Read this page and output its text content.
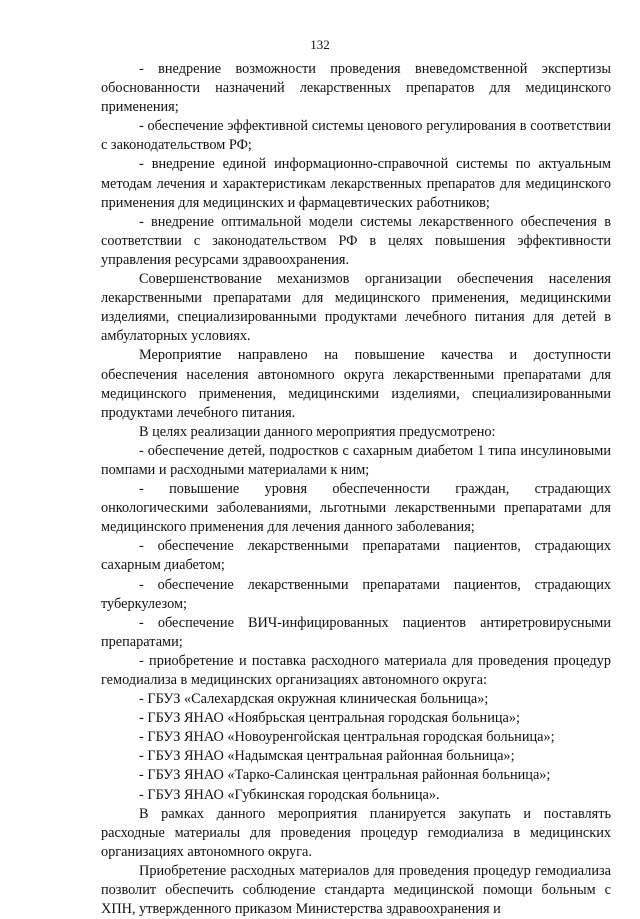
132

- внедрение возможности проведения вневедомственной экспертизы обоснованности назначений лекарственных препаратов для медицинского применения;

- обеспечение эффективной системы ценового регулирования в соответствии с законодательством РФ;

- внедрение единой информационно-справочной системы по актуальным методам лечения и характеристикам лекарственных препаратов для медицинского применения для медицинских и фармацевтических работников;

- внедрение оптимальной модели системы лекарственного обеспечения в соответствии с законодательством РФ в целях повышения эффективности управления ресурсами здравоохранения.

Совершенствование механизмов организации обеспечения населения лекарственными препаратами для медицинского применения, медицинскими изделиями, специализированными продуктами лечебного питания для детей в амбулаторных условиях.

Мероприятие направлено на повышение качества и доступности обеспечения населения автономного округа лекарственными препаратами для медицинского применения, медицинскими изделиями, специализированными продуктами лечебного питания.

В целях реализации данного мероприятия предусмотрено:

- обеспечение детей, подростков с сахарным диабетом 1 типа инсулиновыми помпами и расходными материалами к ним;

- повышение уровня обеспеченности граждан, страдающих онкологическими заболеваниями, льготными лекарственными препаратами для медицинского применения для лечения данного заболевания;

- обеспечение лекарственными препаратами пациентов, страдающих сахарным диабетом;

- обеспечение лекарственными препаратами пациентов, страдающих туберкулезом;

- обеспечение ВИЧ-инфицированных пациентов антиретровирусными препаратами;

- приобретение и поставка расходного материала для проведения процедур гемодиализа в медицинских организациях автономного округа:

- ГБУЗ «Салехардская окружная клиническая больница»;

- ГБУЗ ЯНАО «Ноябрьская центральная городская больница»;

- ГБУЗ ЯНАО «Новоуренгойская центральная городская больница»;

- ГБУЗ ЯНАО «Надымская центральная районная больница»;

- ГБУЗ ЯНАО «Тарко-Салинская центральная районная больница»;

- ГБУЗ ЯНАО «Губкинская городская больница».

В рамках данного мероприятия планируется закупать и поставлять расходные материалы для проведения процедур гемодиализа в медицинских организациях автономного округа.

Приобретение расходных материалов для проведения процедур гемодиализа позволит обеспечить соблюдение стандарта медицинской помощи больным с ХПН, утвержденного приказом Министерства здравоохранения и
